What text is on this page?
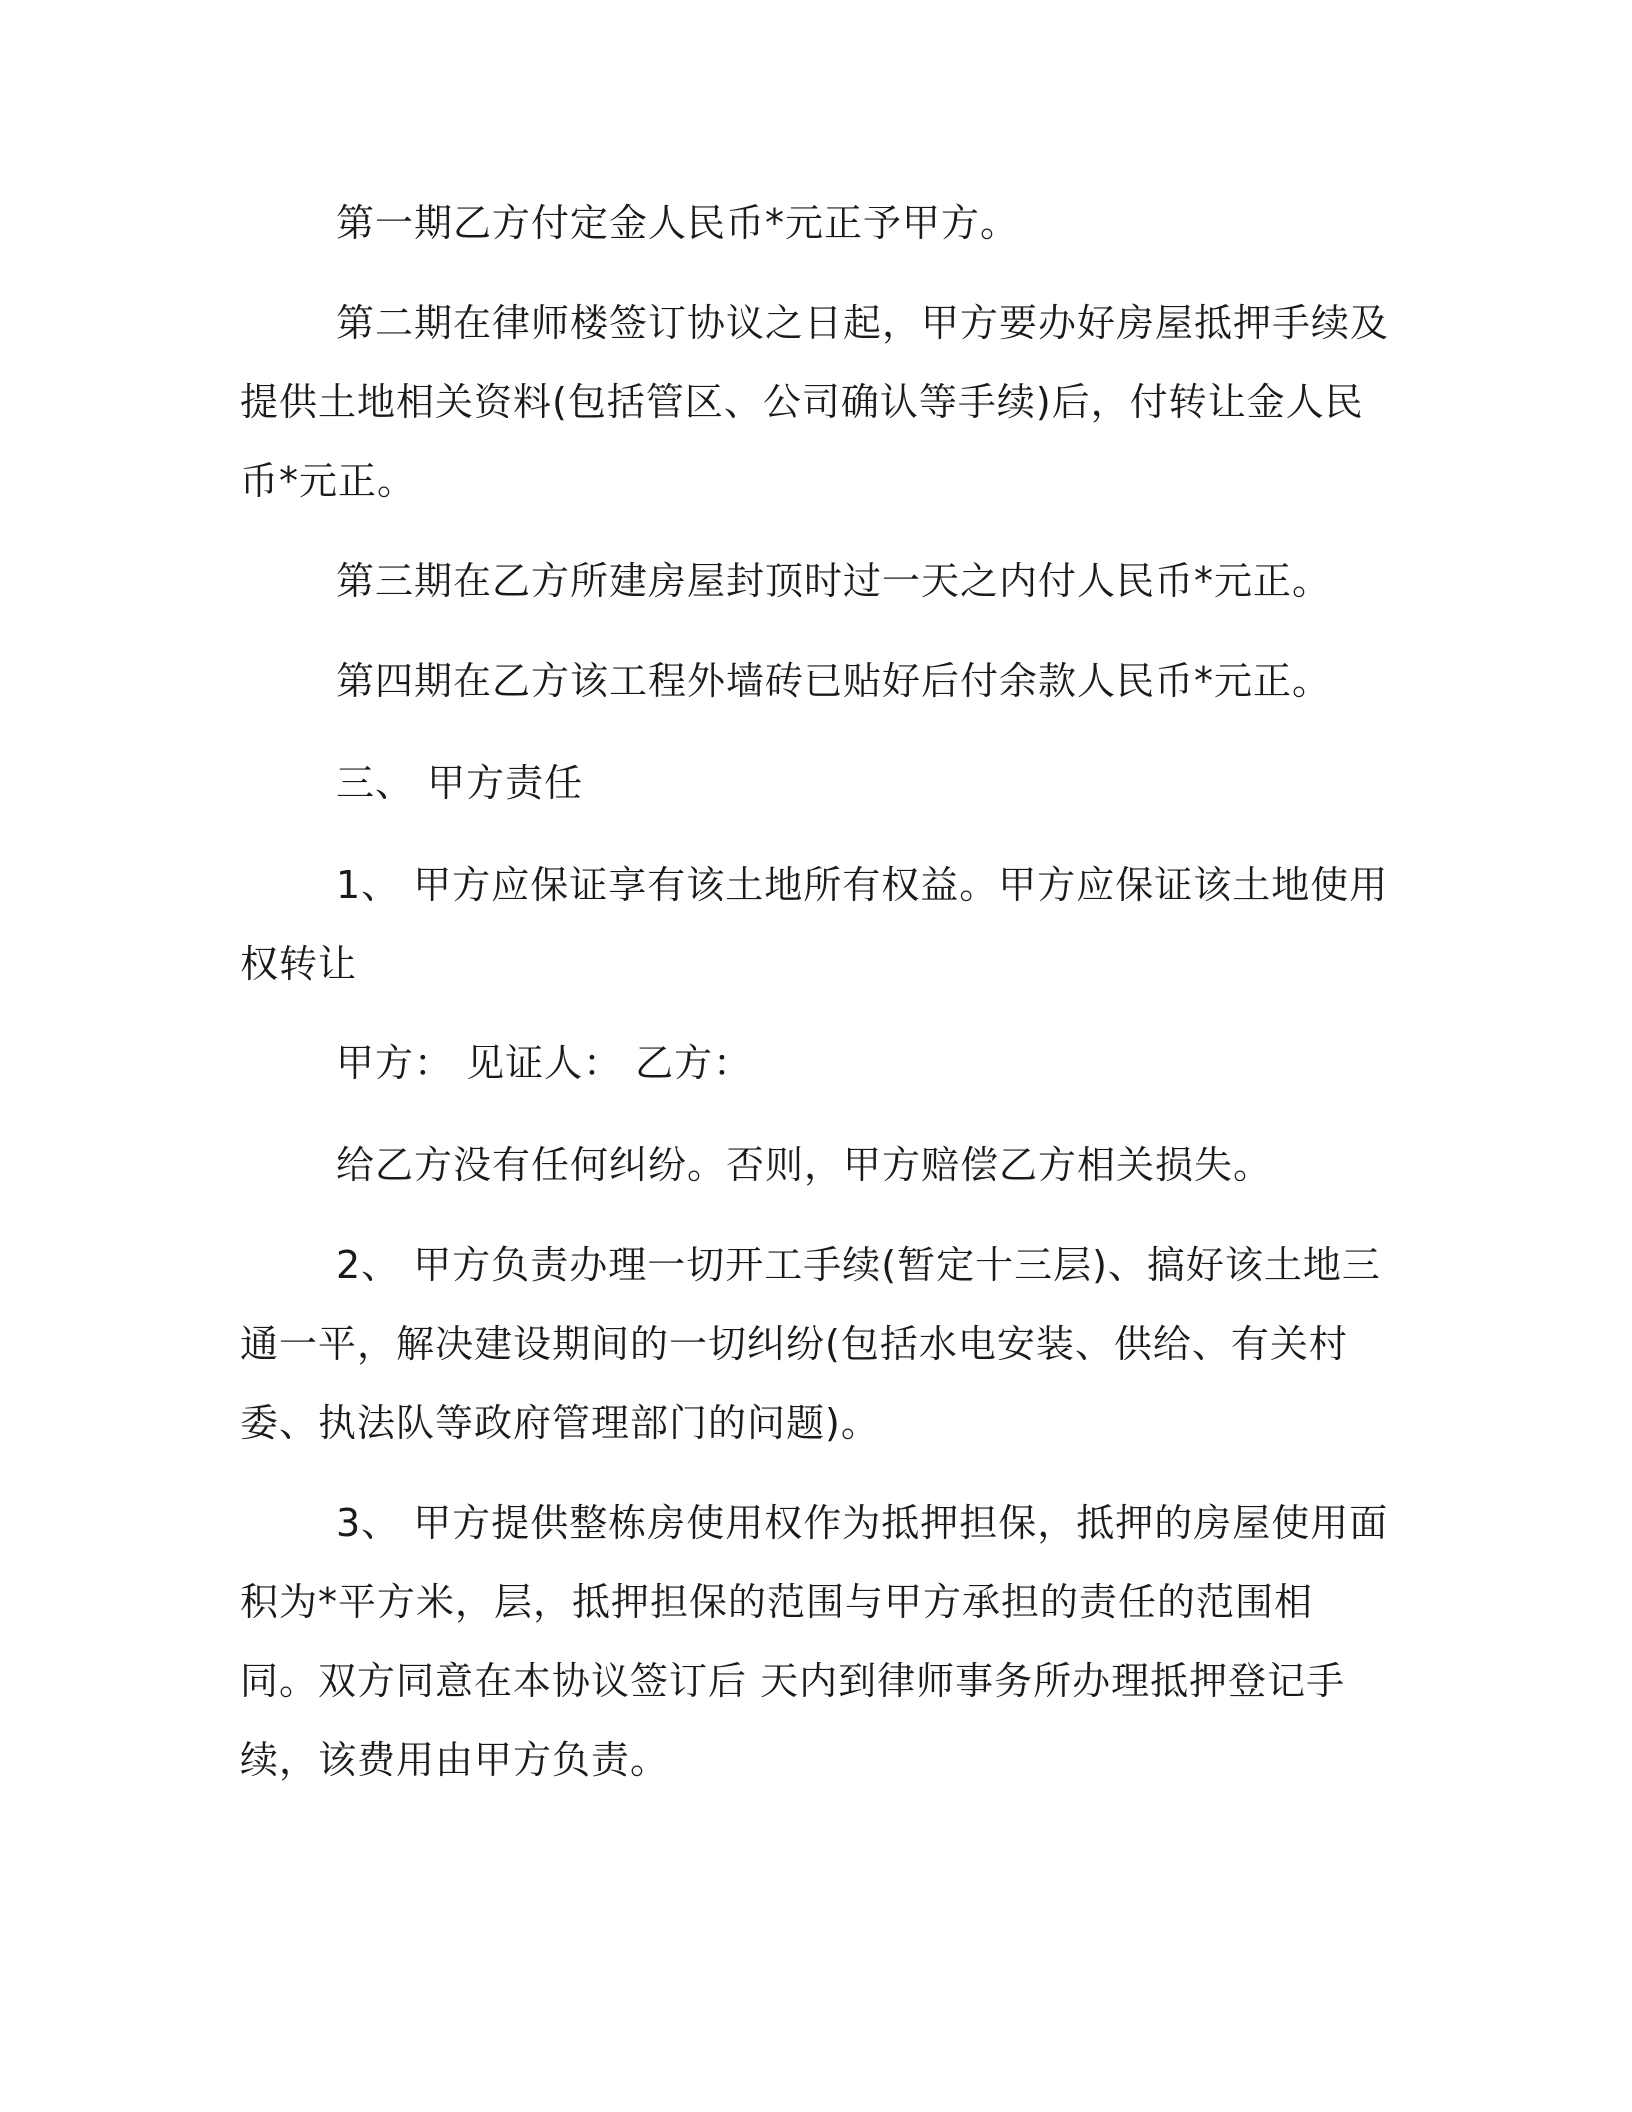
第一期乙方付定金人民币*元正予甲方。

第二期在律师楼签订协议之日起，甲方要办好房屋抵押手续及提供土地相关资料(包括管区、公司确认等手续)后，付转让金人民币*元正。

第三期在乙方所建房屋封顶时过一天之内付人民币*元正。

第四期在乙方该工程外墙砖已贴好后付余款人民币*元正。

三、 甲方责任

1、 甲方应保证享有该土地所有权益。甲方应保证该土地使用权转让

甲方： 见证人： 乙方：

给乙方没有任何纠纷。否则，甲方赔偿乙方相关损失。

2、 甲方负责办理一切开工手续(暂定十三层)、搞好该土地三通一平，解决建设期间的一切纠纷(包括水电安装、供给、有关村委、执法队等政府管理部门的问题)。

3、 甲方提供整栋房使用权作为抵押担保，抵押的房屋使用面积为*平方米，层，抵押担保的范围与甲方承担的责任的范围相同。双方同意在本协议签订后 天内到律师事务所办理抵押登记手续，该费用由甲方负责。
